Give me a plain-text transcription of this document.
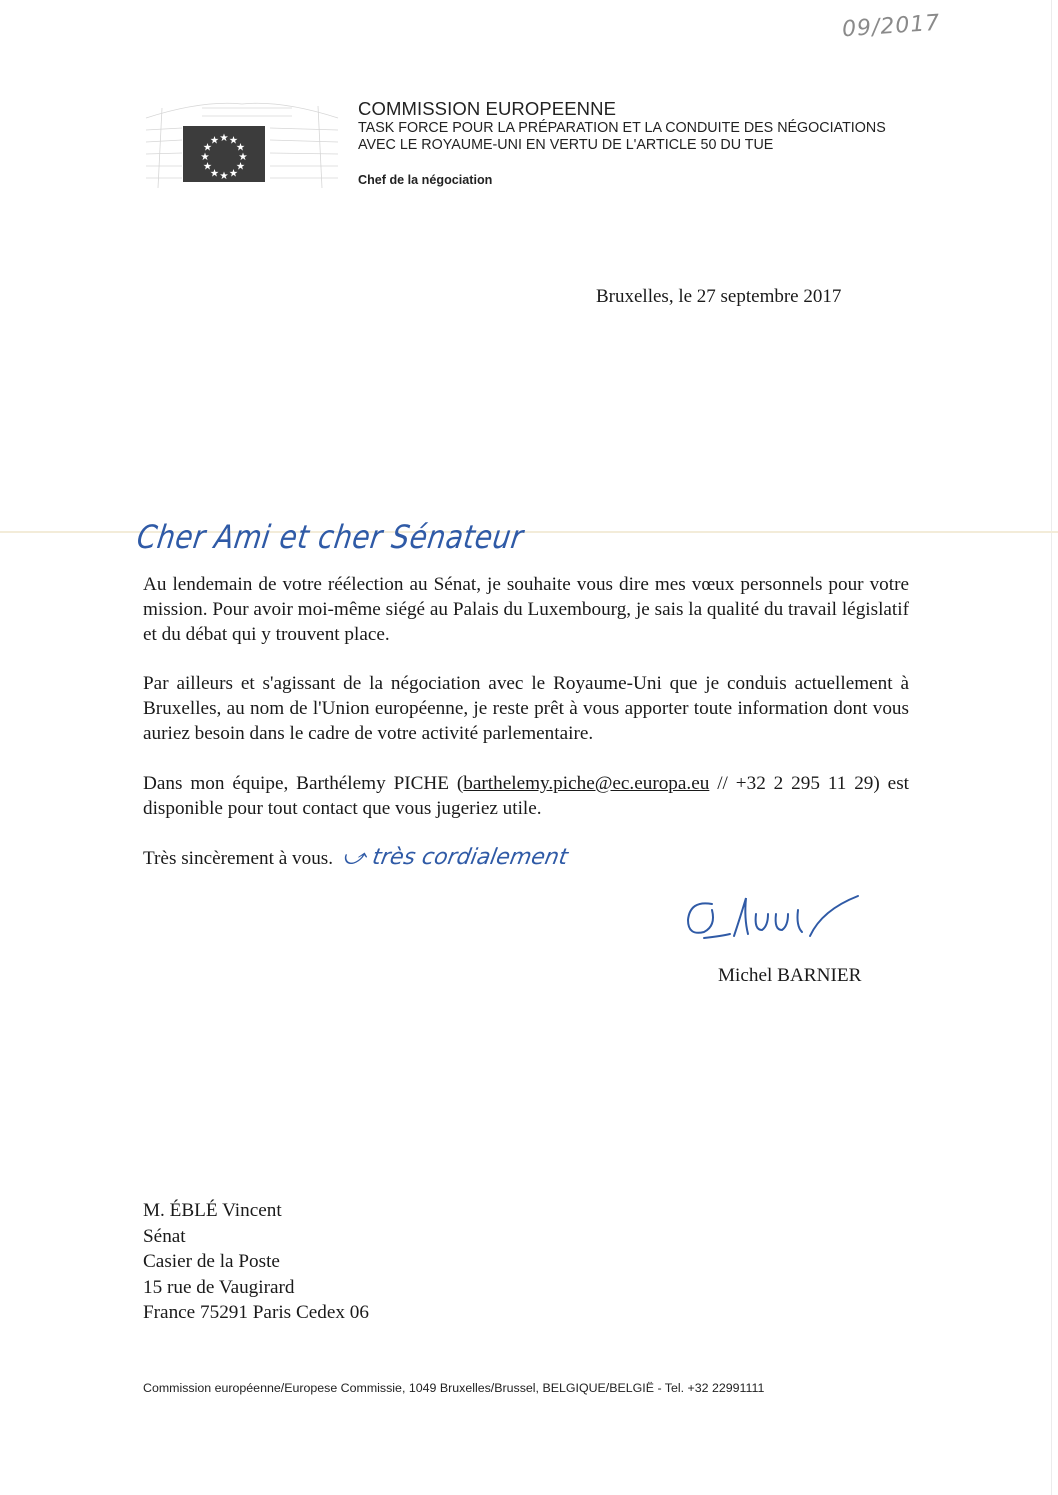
09/2017
COMMISSION EUROPEENNE
TASK FORCE POUR LA PRÉPARATION ET LA CONDUITE DES NÉGOCIATIONS
AVEC LE ROYAUME-UNI EN VERTU DE L'ARTICLE 50 DU TUE
Chef de la négociation
Bruxelles, le 27 septembre 2017
Cher Ami et cher Sénateur
Au lendemain de votre réélection au Sénat, je souhaite vous dire mes vœux personnels pour votre mission. Pour avoir moi-même siégé au Palais du Luxembourg, je sais la qualité du travail législatif et du débat qui y trouvent place.
Par ailleurs et s'agissant de la négociation avec le Royaume-Uni que je conduis actuellement à Bruxelles, au nom de l'Union européenne, je reste prêt à vous apporter toute information dont vous auriez besoin dans le cadre de votre activité parlementaire.
Dans mon équipe, Barthélemy PICHE (barthelemy.piche@ec.europa.eu // +32 2 295 11 29) est disponible pour tout contact que vous jugeriez utile.
Très sincèrement à vous. ⤻ très cordialement
Michel BARNIER
M. ÉBLÉ Vincent
Sénat
Casier de la Poste
15 rue de Vaugirard
France 75291 Paris Cedex 06
Commission européenne/Europese Commissie, 1049 Bruxelles/Brussel, BELGIQUE/BELGIË - Tel. +32 22991111
